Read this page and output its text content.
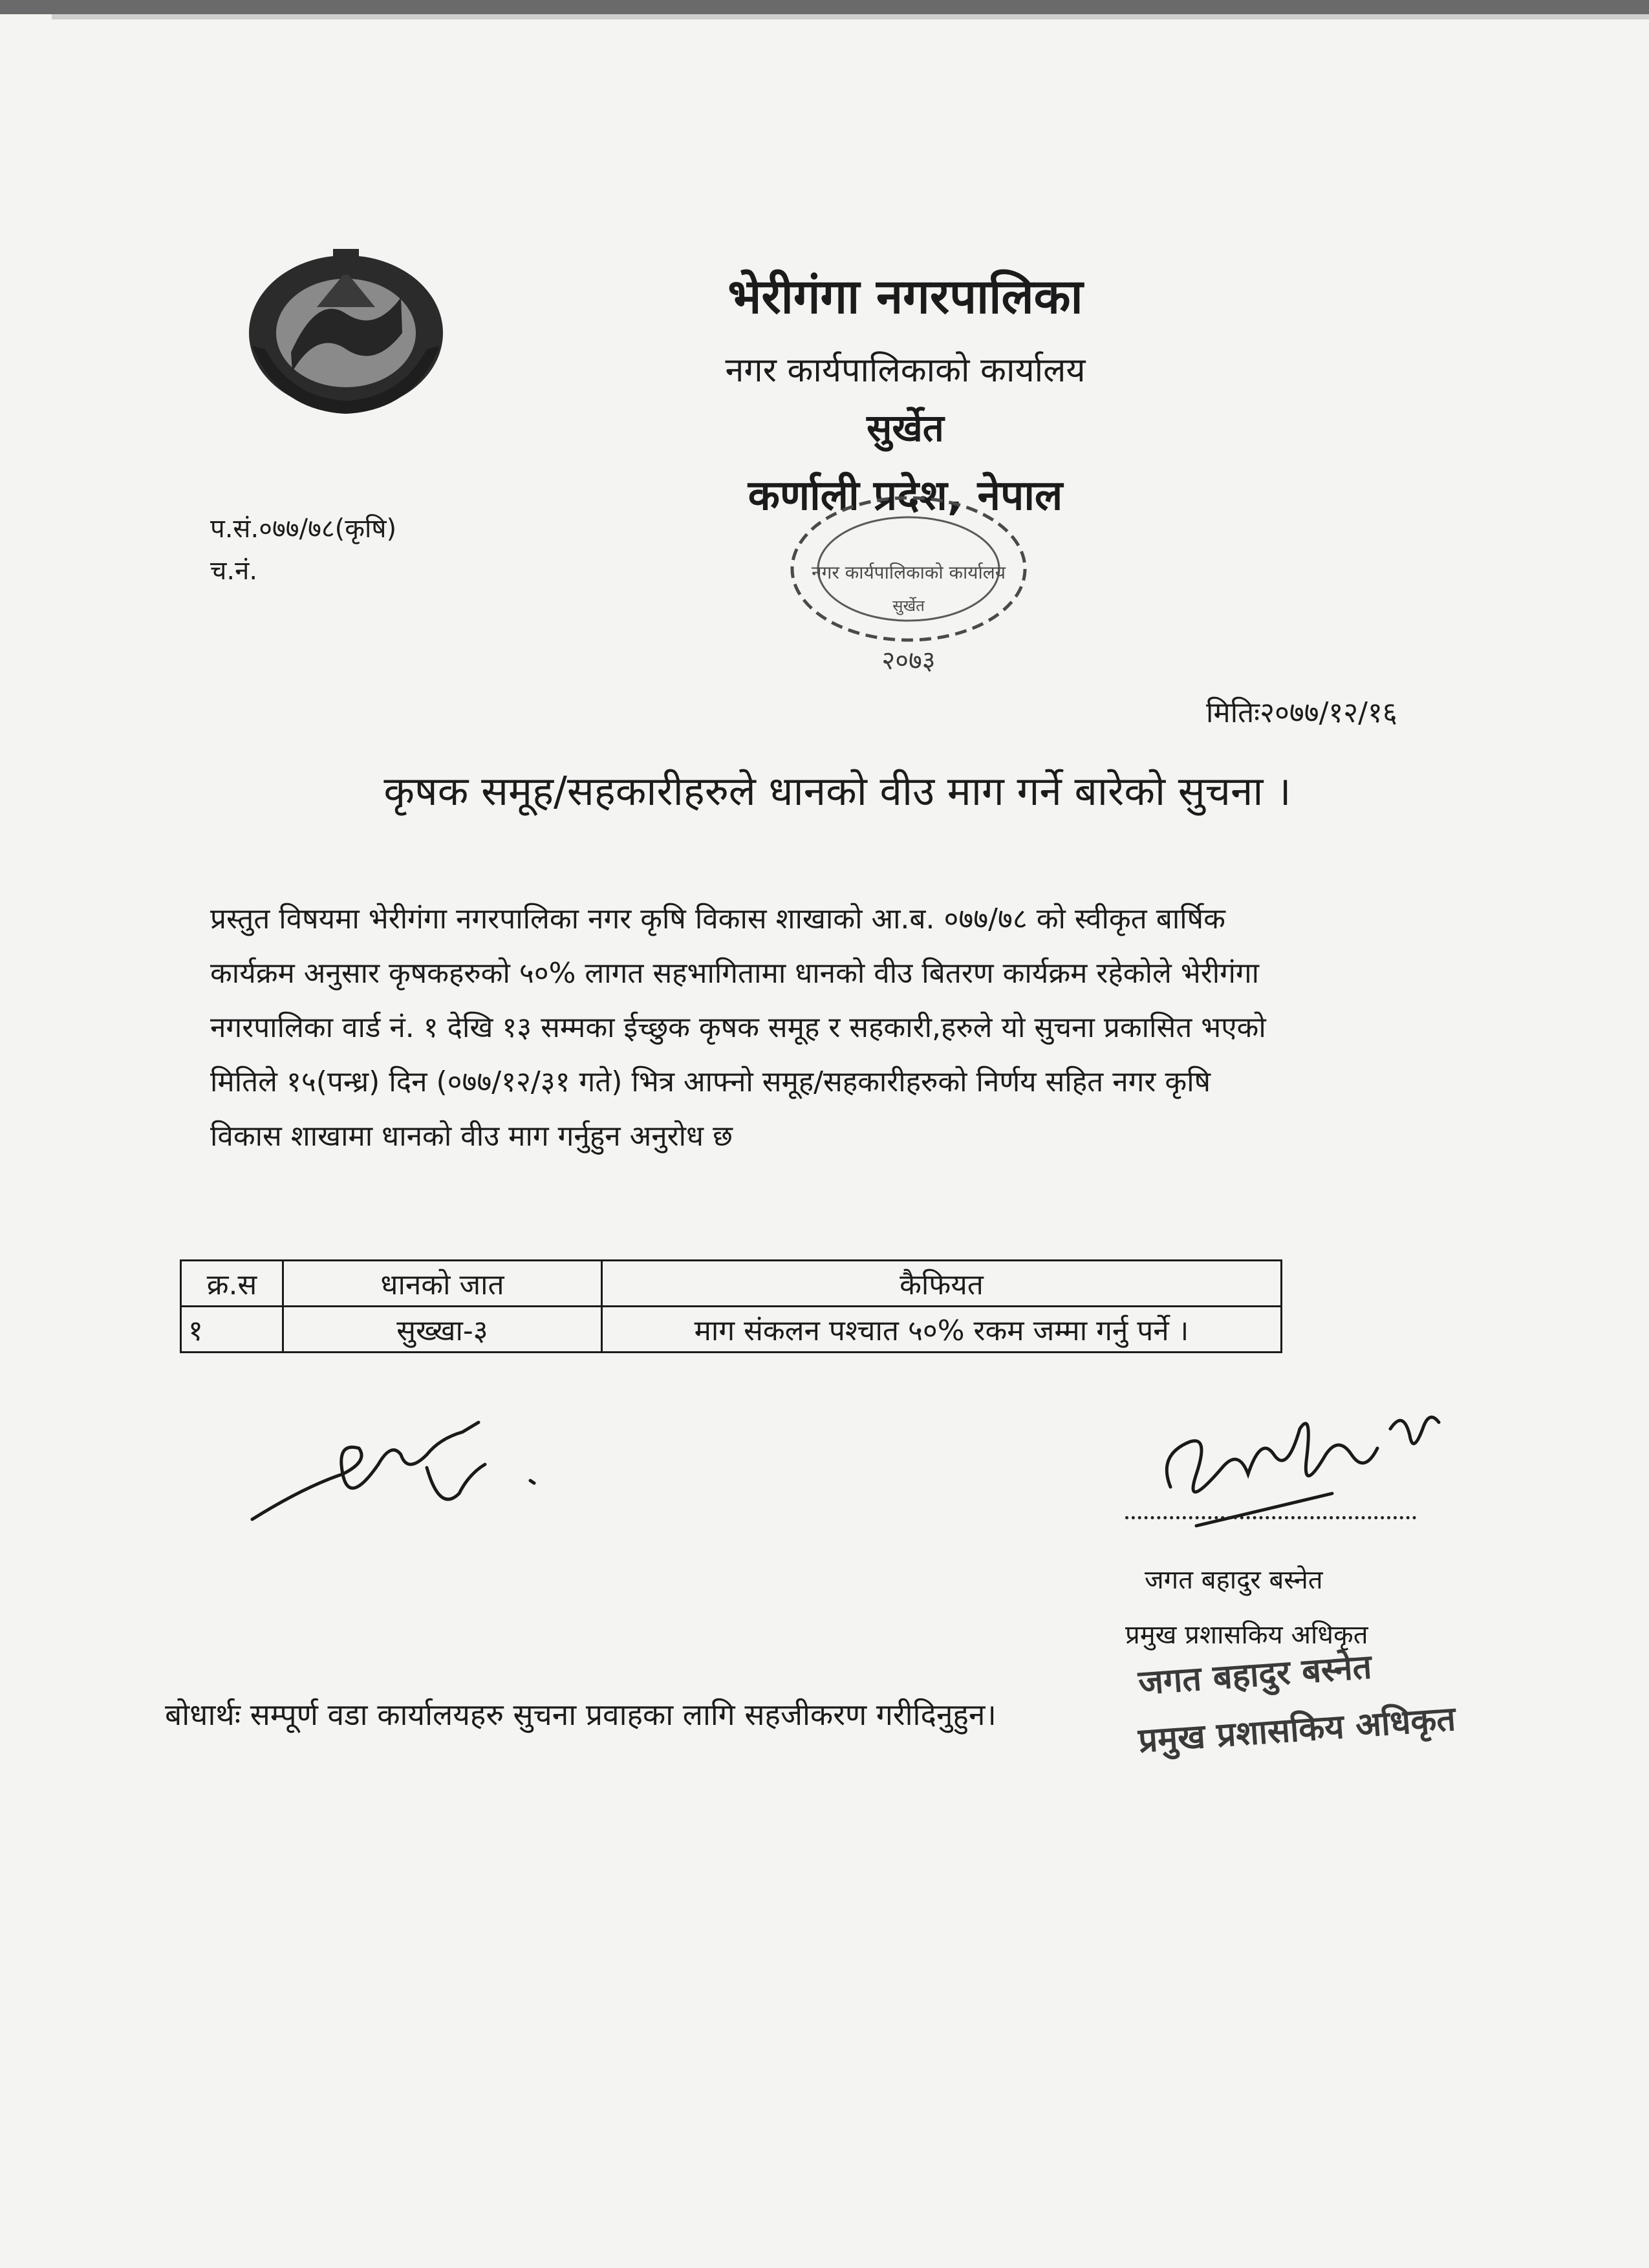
भेरीगंगा नगरपालिका
नगर कार्यपालिकाको कार्यालय
सुर्खेत
कर्णाली प्रदेश, नेपाल
नगर कार्यपालिकाको कार्यालय
सुर्खेत
२०७३
प.सं.०७७/७८(कृषि)
च.नं.
मितिः२०७७/१२/१६
कृषक समूह/सहकारीहरुले धानको वीउ माग गर्ने बारेको सुचना ।
प्रस्तुत विषयमा भेरीगंगा नगरपालिका नगर कृषि विकास शाखाको आ.ब. ०७७/७८ को स्वीकृत बार्षिक
कार्यक्रम अनुसार कृषकहरुको ५०% लागत सहभागितामा धानको वीउ बितरण कार्यक्रम रहेकोले भेरीगंगा
नगरपालिका वार्ड नं. १ देखि १३ सम्मका ईच्छुक कृषक समूह र सहकारी,हरुले यो सुचना प्रकासित भएको
मितिले १५(पन्ध्र) दिन (०७७/१२/३१ गते) भित्र आफ्नो समूह/सहकारीहरुको निर्णय सहित नगर कृषि
विकास शाखामा धानको वीउ माग गर्नुहुन अनुरोध छ
क्र.स	धानको जात	कैफियत
१	सुख्खा-३	माग संकलन पश्चात ५०% रकम जम्मा गर्नु पर्ने ।
जगत बहादुर बस्नेत
प्रमुख प्रशासकिय अधिकृत
जगत बहादुर बस्नेत
प्रमुख प्रशासकिय अधिकृत
बोधार्थः सम्पूर्ण वडा कार्यालयहरु सुचना प्रवाहका लागि सहजीकरण गरीदिनुहुन।
